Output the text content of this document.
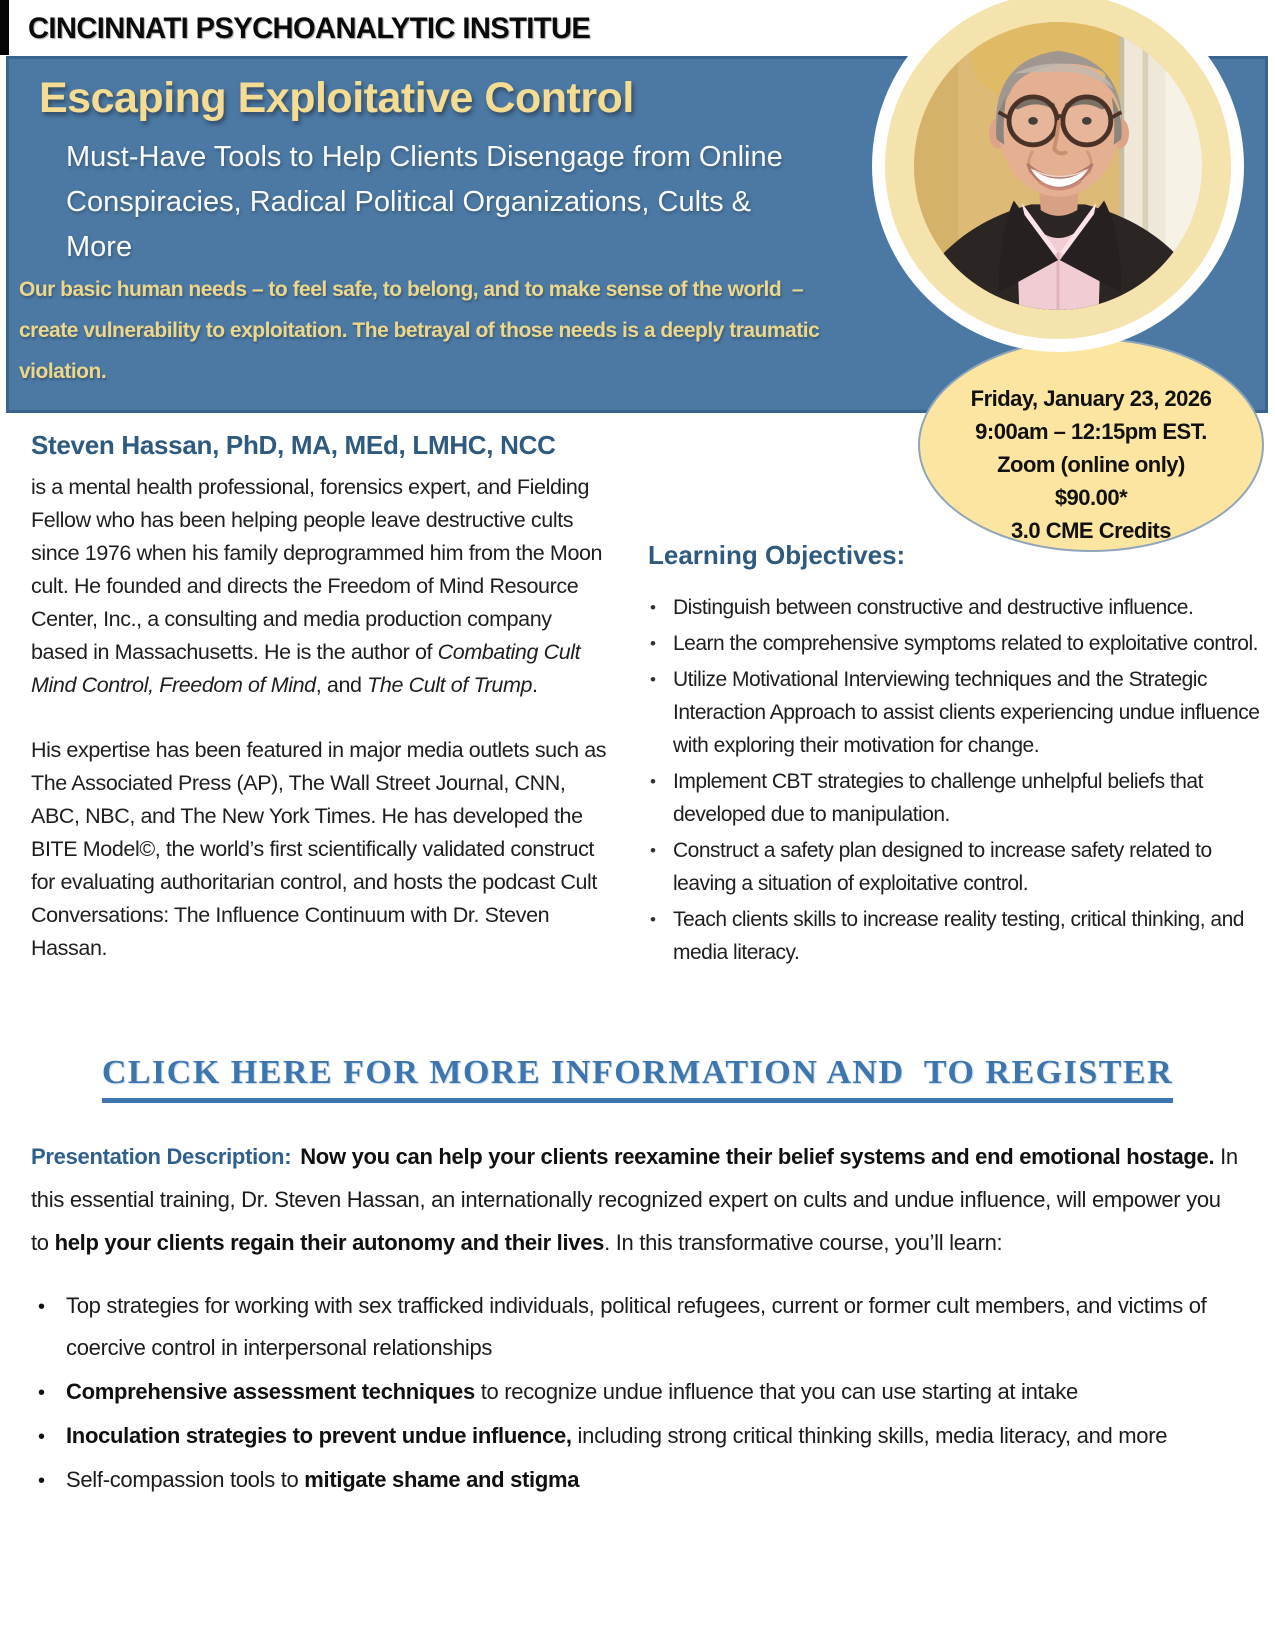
CINCINNATI PSYCHOANALYTIC INSTITUE
Escaping Exploitative Control
Must-Have Tools to Help Clients Disengage from Online
Conspiracies, Radical Political Organizations, Cults &
More
Our basic human needs – to feel safe, to belong, and to make sense of the world  –
create vulnerability to exploitation. The betrayal of those needs is a deeply traumatic
violation.
Friday, January 23, 2026
9:00am – 12:15pm EST.
Zoom (online only)
$90.00*
3.0 CME Credits
Steven Hassan, PhD, MA, MEd, LMHC, NCC

is a mental health professional, forensics expert, and Fielding Fellow who has been helping people leave destructive cults since 1976 when his family deprogrammed him from the Moon cult. He founded and directs the Freedom of Mind Resource Center, Inc., a consulting and media production company based in Massachusetts. He is the author of Combating Cult Mind Control, Freedom of Mind, and The Cult of Trump.

His expertise has been featured in major media outlets such as The Associated Press (AP), The Wall Street Journal, CNN, ABC, NBC, and The New York Times. He has developed the BITE Model©, the world’s first scientifically validated construct for evaluating authoritarian control, and hosts the podcast Cult Conversations: The Influence Continuum with Dr. Steven Hassan.

Learning Objectives:
• Distinguish between constructive and destructive influence.
• Learn the comprehensive symptoms related to exploitative control.
• Utilize Motivational Interviewing techniques and the Strategic Interaction Approach to assist clients experiencing undue influence with exploring their motivation for change.
• Implement CBT strategies to challenge unhelpful beliefs that developed due to manipulation.
• Construct a safety plan designed to increase safety related to leaving a situation of exploitative control.
• Teach clients skills to increase reality testing, critical thinking, and media literacy.
CLICK HERE FOR MORE INFORMATION AND  TO REGISTER
Presentation Description: Now you can help your clients reexamine their belief systems and end emotional hostage. In this essential training, Dr. Steven Hassan, an internationally recognized expert on cults and undue influence, will empower you to help your clients regain their autonomy and their lives. In this transformative course, you’ll learn:
• Top strategies for working with sex trafficked individuals, political refugees, current or former cult members, and victims of coercive control in interpersonal relationships
• Comprehensive assessment techniques to recognize undue influence that you can use starting at intake
• Inoculation strategies to prevent undue influence, including strong critical thinking skills, media literacy, and more
• Self-compassion tools to mitigate shame and stigma
